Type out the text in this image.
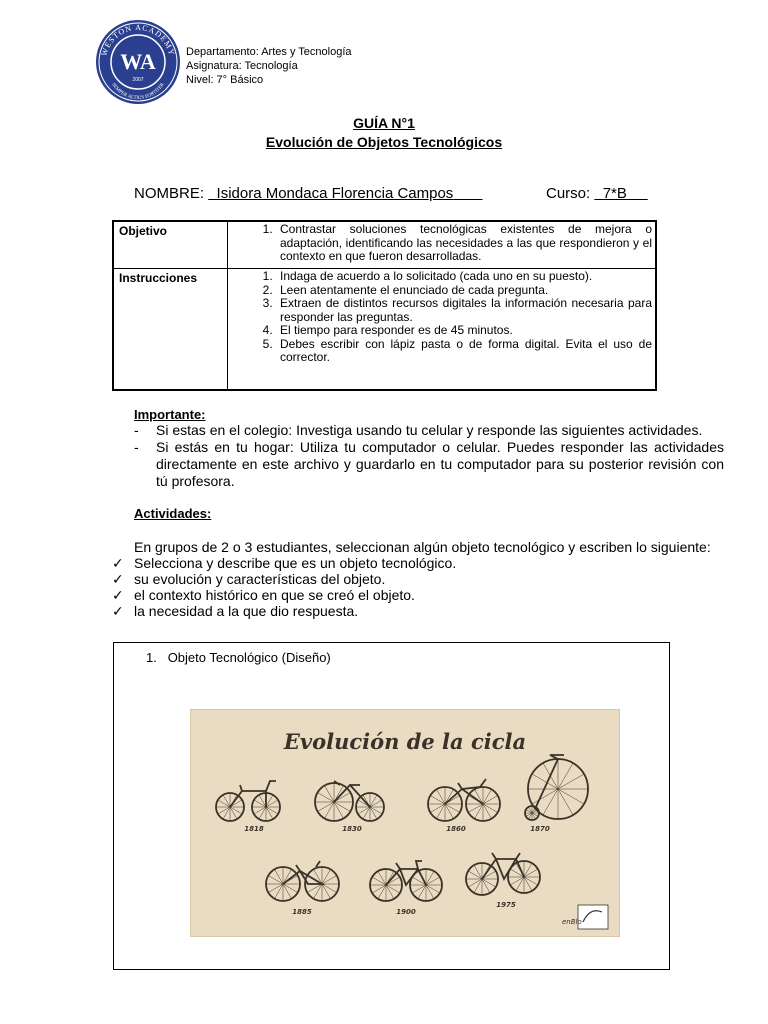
WESTON ACADEMY
SEMPER ALTIUS FORTITER
WA
2007
Departamento: Artes y Tecnología
Asignatura: Tecnología
Nivel: 7° Básico
GUÍA N°1
Evolución de Objetos Tecnológicos
NOMBRE: Isidora Mondaca Florencia Campos	Curso: 7*B
Objetivo	1. Contrastar soluciones tecnológicas existentes de mejora o adaptación, identificando las necesidades a las que respondieron y el contexto en que fueron desarrolladas.
Instrucciones	1. Indaga de acuerdo a lo solicitado (cada uno en su puesto).
2. Leen atentamente el enunciado de cada pregunta.
3. Extraen de distintos recursos digitales la información necesaria para responder las preguntas.
4. El tiempo para responder es de 45 minutos.
5. Debes escribir con lápiz pasta o de forma digital. Evita el uso de corrector.
Importante:
- Si estas en el colegio: Investiga usando tu celular y responde las siguientes actividades.
- Si estás en tu hogar: Utiliza tu computador o celular. Puedes responder las actividades directamente en este archivo y guardarlo en tu computador para su posterior revisión con tú profesora.
Actividades:
En grupos de 2 o 3 estudiantes, seleccionan algún objeto tecnológico y escriben lo siguiente:
✓ Selecciona y describe que es un objeto tecnológico.
✓ su evolución y características del objeto.
✓ el contexto histórico en que se creó el objeto.
✓ la necesidad a la que dio respuesta.
1. Objeto Tecnológico (Diseño)
Evolución de la cicla
1818	1830	1860	1870
1885	1900
1975
enBlo
